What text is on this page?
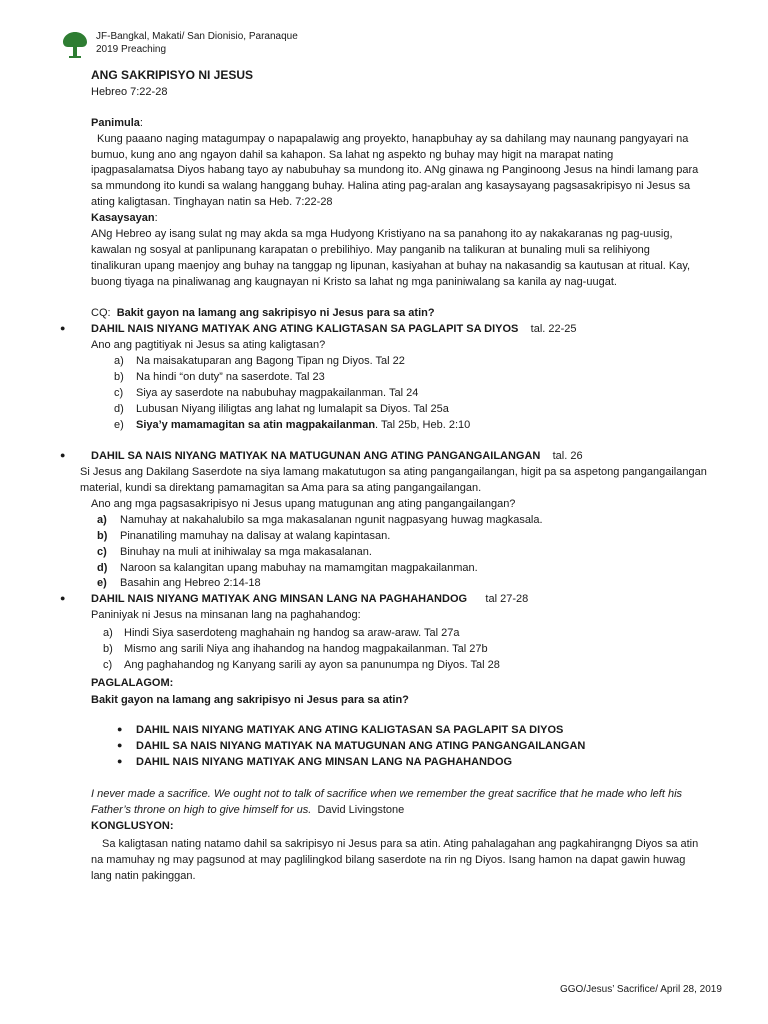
JF-Bangkal, Makati/ San Dionisio, Paranaque
2019 Preaching
ANG SAKRIPISYO NI JESUS
Hebreo 7:22-28
Panimula:
Kung paaano naging matagumpay o napapalawig ang proyekto, hanapbuhay ay sa dahilang may naunang pangyayari na
bumuo, kung ano ang ngayon dahil sa kahapon. Sa lahat ng aspekto ng buhay may higit na marapat nating
ipagpasalamatsa Diyos habang tayo ay nabubuhay sa mundong ito. ANg ginawa ng Panginoong Jesus na hindi lamang para
sa mmundong ito kundi sa walang hanggang buhay. Halina ating pag-aralan ang kasaysayang pagsasakripisyo ni Jesus sa
ating kaligtasan. Tinghayan natin sa Heb. 7:22-28
Kasaysayan:
ANg Hebreo ay isang sulat ng may akda sa mga Hudyong Kristiyano na sa panahong ito ay nakakaranas ng pag-uusig,
kawalan ng sosyal at panlipunang karapatan o prebilihiyo. May panganib na talikuran at bunaling muli sa relihiyong
tinalikuran upang maenjoy ang buhay na tanggap ng lipunan, kasiyahan at buhay na nakasandig sa kautusan at ritual. Kay,
buong tiyaga na pinaliwanag ang kaugnayan ni Kristo sa lahat ng mga paniniwalang sa kanila ay nag-uugat.
CQ: Bakit gayon na lamang ang sakripisyo ni Jesus para sa atin?
● DAHIL NAIS NIYANG MATIYAK ANG ATING KALIGTASAN SA PAGLAPIT SA DIYOS tal. 22-25
Ano ang pagtitiyak ni Jesus sa ating kaligtasan?
a) Na maisakatuparan ang Bagong Tipan ng Diyos. Tal 22
b) Na hindi “on duty” na saserdote. Tal 23
c) Siya ay saserdote na nabubuhay magpakailanman. Tal 24
d) Lubusan Niyang ililigtas ang lahat ng lumalapit sa Diyos. Tal 25a
e) Siya’y mamamagitan sa atin magpakailanman. Tal 25b, Heb. 2:10
● DAHIL SA NAIS NIYANG MATIYAK NA MATUGUNAN ANG ATING PANGANGAILANGAN tal. 26
Si Jesus ang Dakilang Saserdote na siya lamang makatutugon sa ating pangangailangan, higit pa sa aspetong pangangailangan
material, kundi sa direktang pamamagitan sa Ama para sa ating pangangailangan.
Ano ang mga pagsasakripisyo ni Jesus upang matugunan ang ating pangangailangan?
a) Namuhay at nakahalubilo sa mga makasalanan ngunit nagpasyang huwag magkasala.
b) Pinanatiling mamuhay na dalisay at walang kapintasan.
c) Binuhay na muli at inihiwalay sa mga makasalanan.
d) Naroon sa kalangitan upang mabuhay na mamamgitan magpakailanman.
e) Basahin ang Hebreo 2:14-18
● DAHIL NAIS NIYANG MATIYAK ANG MINSAN LANG NA PAGHAHANDOG tal 27-28
Paniniyak ni Jesus na minsanan lang na paghahandog:
a) Hindi Siya saserdoteng maghahain ng handog sa araw-araw. Tal 27a
b) Mismo ang sarili Niya ang ihahandog na handog magpakailanman. Tal 27b
c) Ang paghahandog ng Kanyang sarili ay ayon sa panunumpa ng Diyos. Tal 28
PAGLALAGOM:
Bakit gayon na lamang ang sakripisyo ni Jesus para sa atin?
● DAHIL NAIS NIYANG MATIYAK ANG ATING KALIGTASAN SA PAGLAPIT SA DIYOS
● DAHIL SA NAIS NIYANG MATIYAK NA MATUGUNAN ANG ATING PANGANGAILANGAN
● DAHIL NAIS NIYANG MATIYAK ANG MINSAN LANG NA PAGHAHANDOG
I never made a sacrifice. We ought not to talk of sacrifice when we remember the great sacrifice that he made who left his
Father’s throne on high to give himself for us. David Livingstone
KONGLUSYON:
Sa kaligtasan nating natamo dahil sa sakripisyo ni Jesus para sa atin. Ating pahalagahan ang pagkahirangng Diyos sa atin
na mamuhay ng may pagsunod at may paglilingkod bilang saserdote na rin ng Diyos. Isang hamon na dapat gawin huwag
lang natin pakinggan.
GGO/Jesus’ Sacrifice/ April 28, 2019
